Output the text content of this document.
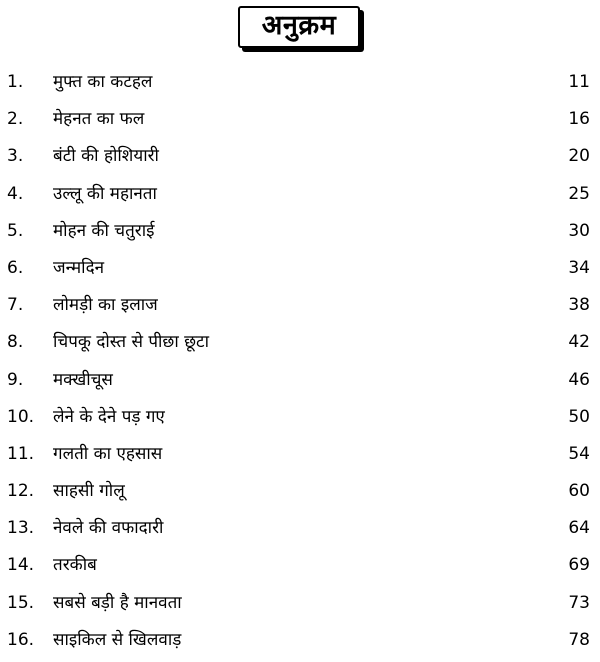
अनुक्रम
1. मुफ्त का कटहल	11
2. मेहनत का फल	16
3. बंटी की होशियारी	20
4. उल्लू की महानता	25
5. मोहन की चतुराई	30
6. जन्मदिन	34
7. लोमड़ी का इलाज	38
8. चिपकू दोस्त से पीछा छूटा	42
9. मक्खीचूस	46
10. लेने के देने पड़ गए	50
11. गलती का एहसास	54
12. साहसी गोलू	60
13. नेवले की वफादारी	64
14. तरकीब	69
15. सबसे बड़ी है मानवता	73
16. साइकिल से खिलवाड़	78
